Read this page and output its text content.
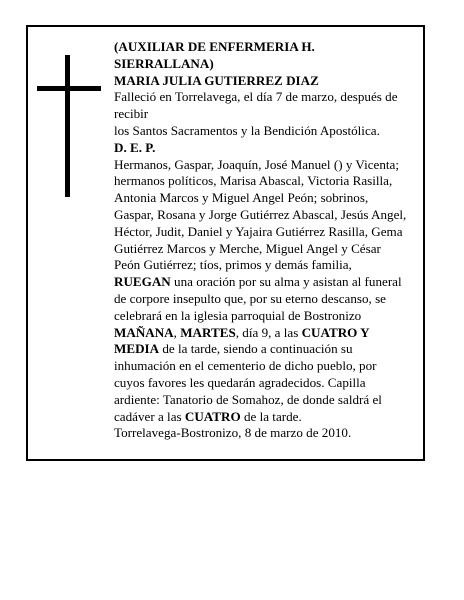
(AUXILIAR DE ENFERMERIA H.
SIERRALLANA)
MARIA JULIA GUTIERREZ DIAZ
Falleció en Torrelavega, el día 7 de marzo, después de
recibir
los Santos Sacramentos y la Bendición Apostólica.
D. E. P.
Hermanos, Gaspar, Joaquín, José Manuel () y Vicenta;
hermanos políticos, Marisa Abascal, Victoria Rasilla,
Antonia Marcos y Miguel Angel Peón; sobrinos,
Gaspar, Rosana y Jorge Gutiérrez Abascal, Jesús Angel,
Héctor, Judit, Daniel y Yajaira Gutiérrez Rasilla, Gema
Gutiérrez Marcos y Merche, Miguel Angel y César
Peón Gutiérrez; tíos, primos y demás familia,
RUEGAN una oración por su alma y asistan al funeral
de corpore insepulto que, por su eterno descanso, se
celebrará en la iglesia parroquial de Bostronizo
MAÑANA, MARTES, día 9, a las CUATRO Y
MEDIA de la tarde, siendo a continuación su
inhumación en el cementerio de dicho pueblo, por
cuyos favores les quedarán agradecidos. Capilla
ardiente: Tanatorio de Somahoz, de donde saldrá el
cadáver a las CUATRO de la tarde.
Torrelavega-Bostronizo, 8 de marzo de 2010.
